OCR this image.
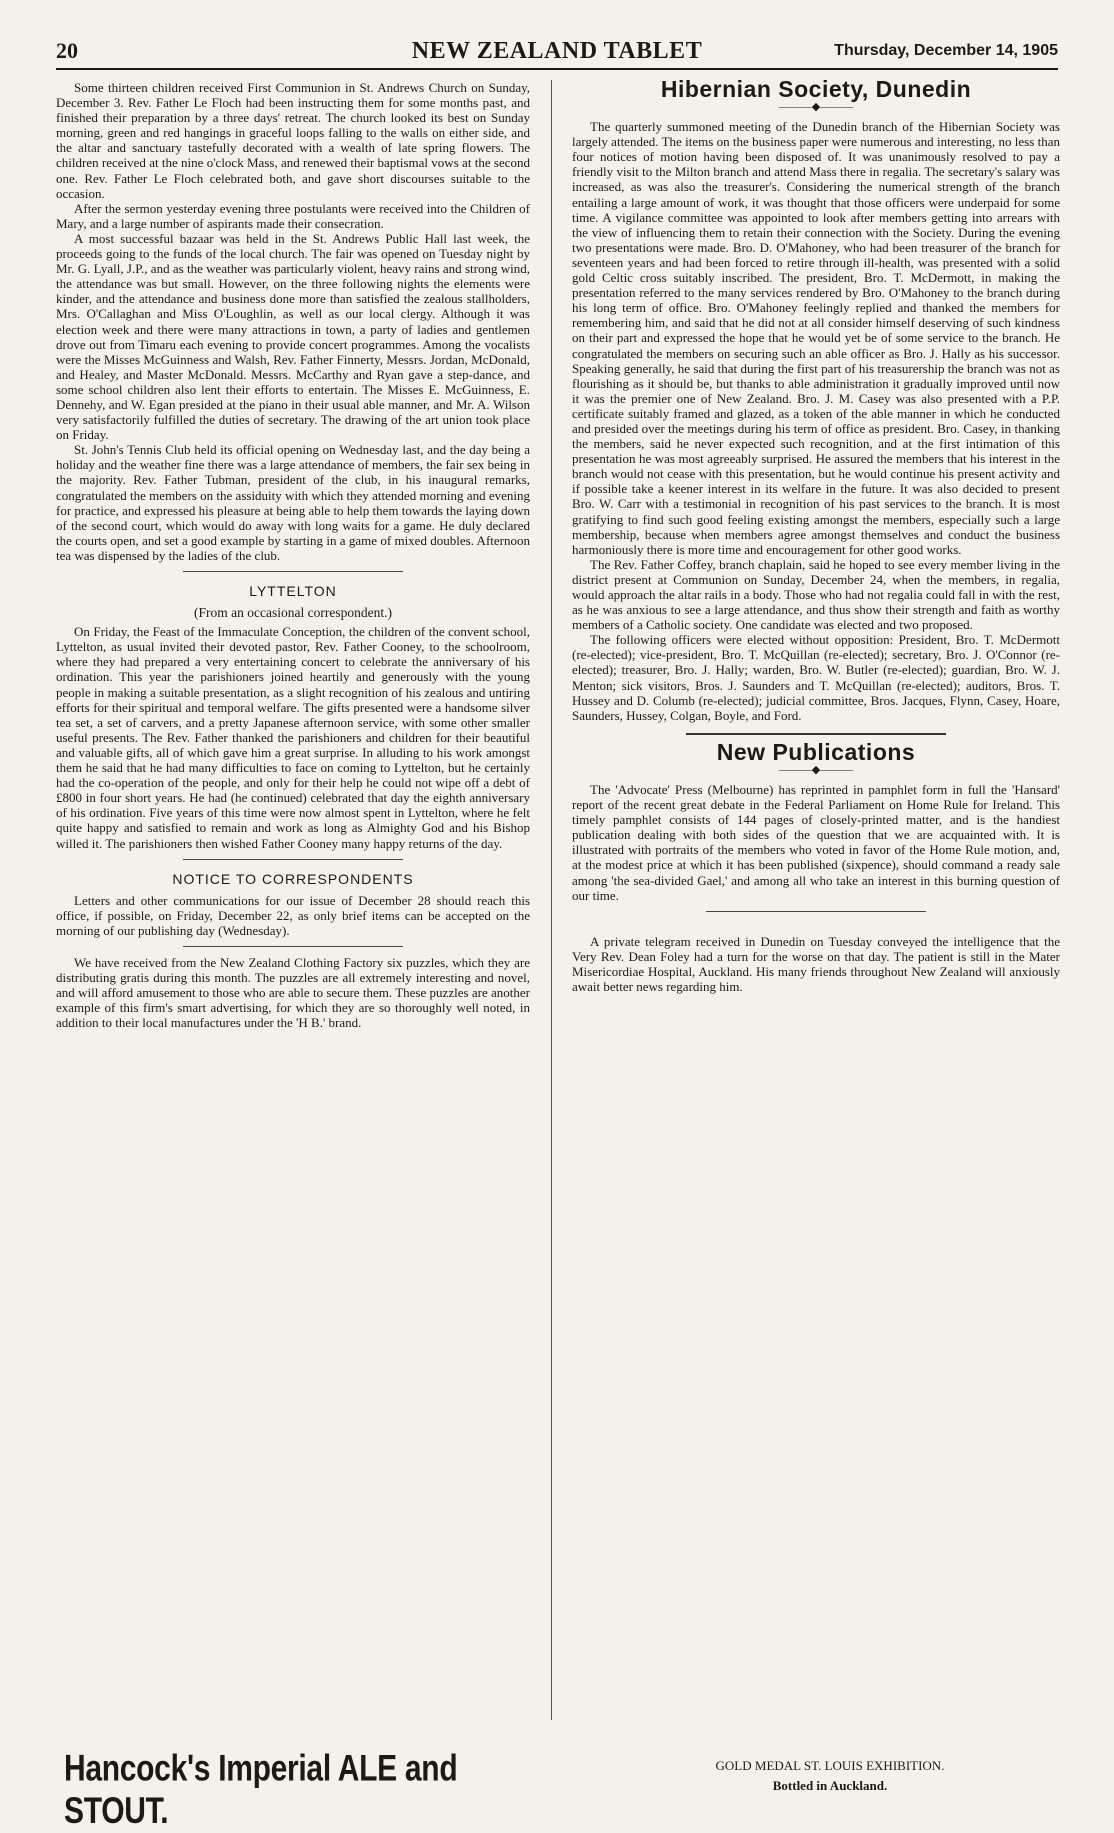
20	NEW ZEALAND TABLET	Thursday, December 14, 1905

Some thirteen children received First Communion in St. Andrews Church on Sunday, December 3. Rev. Father Le Floch had been instructing them for some months past, and finished their preparation by a three days' retreat. The church looked its best on Sunday morning, green and red hangings in graceful loops falling to the walls on either side, and the altar and sanctuary tastefully decorated with a wealth of late spring flowers. The children received at the nine o'clock Mass, and renewed their baptismal vows at the second one. Rev. Father Le Floch celebrated both, and gave short discourses suitable to the occasion.

After the sermon yesterday evening three postulants were received into the Children of Mary, and a large number of aspirants made their consecration.

A most successful bazaar was held in the St. Andrews Public Hall last week, the proceeds going to the funds of the local church. The fair was opened on Tuesday night by Mr. G. Lyall, J.P., and as the weather was particularly violent, heavy rains and strong wind, the attendance was but small. However, on the three following nights the elements were kinder, and the attendance and business done more than satisfied the zealous stallholders, Mrs. O'Callaghan and Miss O'Loughlin, as well as our local clergy. Although it was election week and there were many attractions in town, a party of ladies and gentlemen drove out from Timaru each evening to provide concert programmes. Among the vocalists were the Misses McGuinness and Walsh, Rev. Father Finnerty, Messrs. Jordan, McDonald, and Healey, and Master McDonald. Messrs. McCarthy and Ryan gave a step-dance, and some school children also lent their efforts to entertain. The Misses E. McGuinness, E. Dennehy, and W. Egan presided at the piano in their usual able manner, and Mr. A. Wilson very satisfactorily fulfilled the duties of secretary. The drawing of the art union took place on Friday.

St. John's Tennis Club held its official opening on Wednesday last, and the day being a holiday and the weather fine there was a large attendance of members, the fair sex being in the majority. Rev. Father Tubman, president of the club, in his inaugural remarks, congratulated the members on the assiduity with which they attended morning and evening for practice, and expressed his pleasure at being able to help them towards the laying down of the second court, which would do away with long waits for a game. He duly declared the courts open, and set a good example by starting in a game of mixed doubles. Afternoon tea was dispensed by the ladies of the club.

LYTTELTON
(From an occasional correspondent.)

On Friday, the Feast of the Immaculate Conception, the children of the convent school, Lyttelton, as usual invited their devoted pastor, Rev. Father Cooney, to the schoolroom, where they had prepared a very entertaining concert to celebrate the anniversary of his ordination. This year the parishioners joined heartily and generously with the young people in making a suitable presentation, as a slight recognition of his zealous and untiring efforts for their spiritual and temporal welfare. The gifts presented were a handsome silver tea set, a set of carvers, and a pretty Japanese afternoon service, with some other smaller useful presents. The Rev. Father thanked the parishioners and children for their beautiful and valuable gifts, all of which gave him a great surprise. In alluding to his work amongst them he said that he had many difficulties to face on coming to Lyttelton, but he certainly had the co-operation of the people, and only for their help he could not wipe off a debt of £800 in four short years. He had (he continued) celebrated that day the eighth anniversary of his ordination. Five years of this time were now almost spent in Lyttelton, where he felt quite happy and satisfied to remain and work as long as Almighty God and his Bishop willed it. The parishioners then wished Father Cooney many happy returns of the day.

NOTICE TO CORRESPONDENTS

Letters and other communications for our issue of December 28 should reach this office, if possible, on Friday, December 22, as only brief items can be accepted on the morning of our publishing day (Wednesday).

We have received from the New Zealand Clothing Factory six puzzles, which they are distributing gratis during this month. The puzzles are all extremely interesting and novel, and will afford amusement to those who are able to secure them. These puzzles are another example of this firm's smart advertising, for which they are so thoroughly well noted, in addition to their local manufactures under the 'H B.' brand.

Hibernian Society, Dunedin
———◆———

The quarterly summoned meeting of the Dunedin branch of the Hibernian Society was largely attended. The items on the business paper were numerous and interesting, no less than four notices of motion having been disposed of. It was unanimously resolved to pay a friendly visit to the Milton branch and attend Mass there in regalia. The secretary's salary was increased, as was also the treasurer's. Considering the numerical strength of the branch entailing a large amount of work, it was thought that those officers were underpaid for some time. A vigilance committee was appointed to look after members getting into arrears with the view of influencing them to retain their connection with the Society. During the evening two presentations were made. Bro. D. O'Mahoney, who had been treasurer of the branch for seventeen years and had been forced to retire through ill-health, was presented with a solid gold Celtic cross suitably inscribed. The president, Bro. T. McDermott, in making the presentation referred to the many services rendered by Bro. O'Mahoney to the branch during his long term of office. Bro. O'Mahoney feelingly replied and thanked the members for remembering him, and said that he did not at all consider himself deserving of such kindness on their part and expressed the hope that he would yet be of some service to the branch. He congratulated the members on securing such an able officer as Bro. J. Hally as his successor. Speaking generally, he said that during the first part of his treasurership the branch was not as flourishing as it should be, but thanks to able administration it gradually improved until now it was the premier one of New Zealand. Bro. J. M. Casey was also presented with a P.P. certificate suitably framed and glazed, as a token of the able manner in which he conducted and presided over the meetings during his term of office as president. Bro. Casey, in thanking the members, said he never expected such recognition, and at the first intimation of this presentation he was most agreeably surprised. He assured the members that his interest in the branch would not cease with this presentation, but he would continue his present activity and if possible take a keener interest in its welfare in the future. It was also decided to present Bro. W. Carr with a testimonial in recognition of his past services to the branch. It is most gratifying to find such good feeling existing amongst the members, especially such a large membership, because when members agree amongst themselves and conduct the business harmoniously there is more time and encouragement for other good works.

The Rev. Father Coffey, branch chaplain, said he hoped to see every member living in the district present at Communion on Sunday, December 24, when the members, in regalia, would approach the altar rails in a body. Those who had not regalia could fall in with the rest, as he was anxious to see a large attendance, and thus show their strength and faith as worthy members of a Catholic society. One candidate was elected and two proposed.

The following officers were elected without opposition: President, Bro. T. McDermott (re-elected); vice-president, Bro. T. McQuillan (re-elected); secretary, Bro. J. O'Connor (re-elected); treasurer, Bro. J. Hally; warden, Bro. W. Butler (re-elected); guardian, Bro. W. J. Menton; sick visitors, Bros. J. Saunders and T. McQuillan (re-elected); auditors, Bros. T. Hussey and D. Columb (re-elected); judicial committee, Bros. Jacques, Flynn, Casey, Hoare, Saunders, Hussey, Colgan, Boyle, and Ford.

New Publications
———◆———

The 'Advocate' Press (Melbourne) has reprinted in pamphlet form in full the 'Hansard' report of the recent great debate in the Federal Parliament on Home Rule for Ireland. This timely pamphlet consists of 144 pages of closely-printed matter, and is the handiest publication dealing with both sides of the question that we are acquainted with. It is illustrated with portraits of the members who voted in favor of the Home Rule motion, and, at the modest price at which it has been published (sixpence), should command a ready sale among 'the sea-divided Gael,' and among all who take an interest in this burning question of our time.

A private telegram received in Dunedin on Tuesday conveyed the intelligence that the Very Rev. Dean Foley had a turn for the worse on that day. The patient is still in the Mater Misericordiae Hospital, Auckland. His many friends throughout New Zealand will anxiously await better news regarding him.

Hancock's Imperial ALE and STOUT.
GOLD MEDAL ST. LOUIS EXHIBITION.
Bottled in Auckland.
